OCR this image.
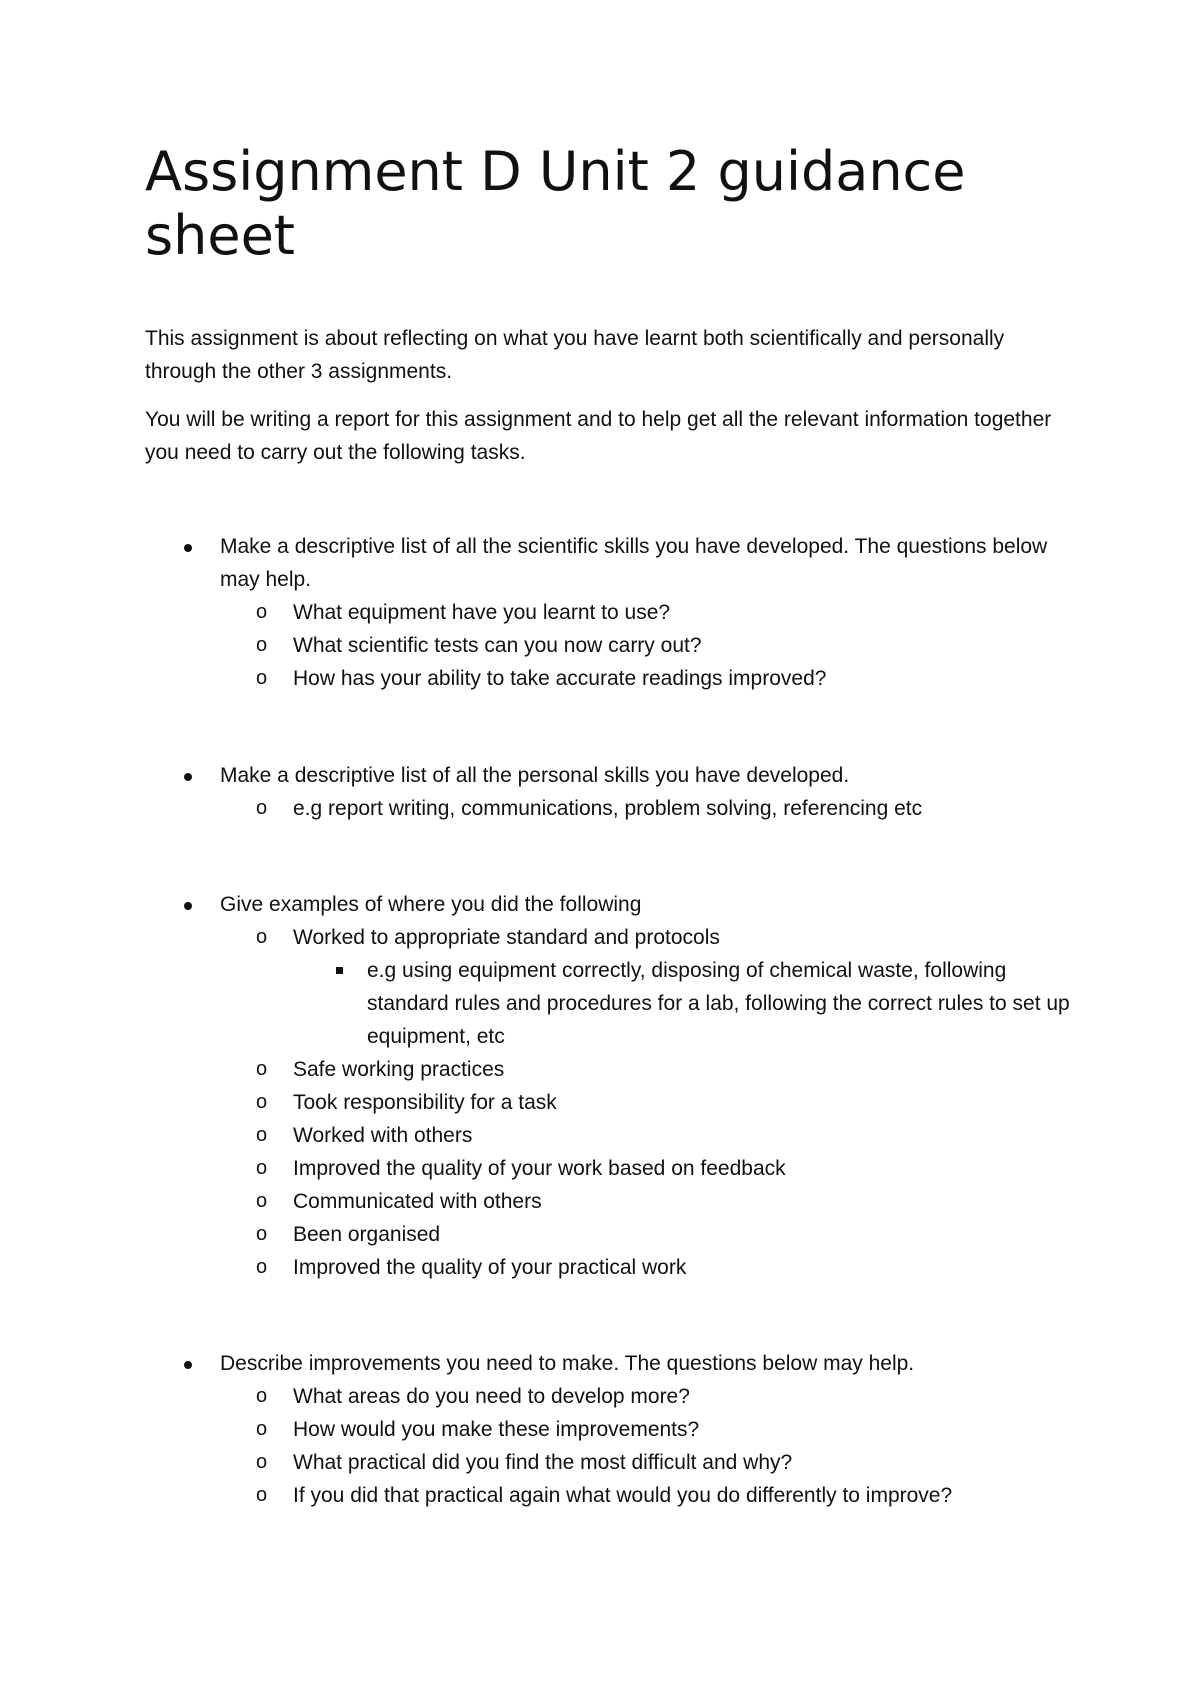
Assignment D Unit 2 guidance sheet

This assignment is about reflecting on what you have learnt both scientifically and personally through the other 3 assignments.

You will be writing a report for this assignment and to help get all the relevant information together you need to carry out the following tasks.

Make a descriptive list of all the scientific skills you have developed. The questions below may help.
o	What equipment have you learnt to use?
o	What scientific tests can you now carry out?
o	How has your ability to take accurate readings improved?
Make a descriptive list of all the personal skills you have developed.
o	e.g report writing, communications, problem solving, referencing etc
Give examples of where you did the following
o	Worked to appropriate standard and protocols
e.g using equipment correctly, disposing of chemical waste, following standard rules and procedures for a lab, following the correct rules to set up equipment, etc
o	Safe working practices
o	Took responsibility for a task
o	Worked with others
o	Improved the quality of your work based on feedback
o	Communicated with others
o	Been organised
o	Improved the quality of your practical work
Describe improvements you need to make. The questions below may help.
o	What areas do you need to develop more?
o	How would you make these improvements?
o	What practical did you find the most difficult and why?
o	If you did that practical again what would you do differently to improve?
